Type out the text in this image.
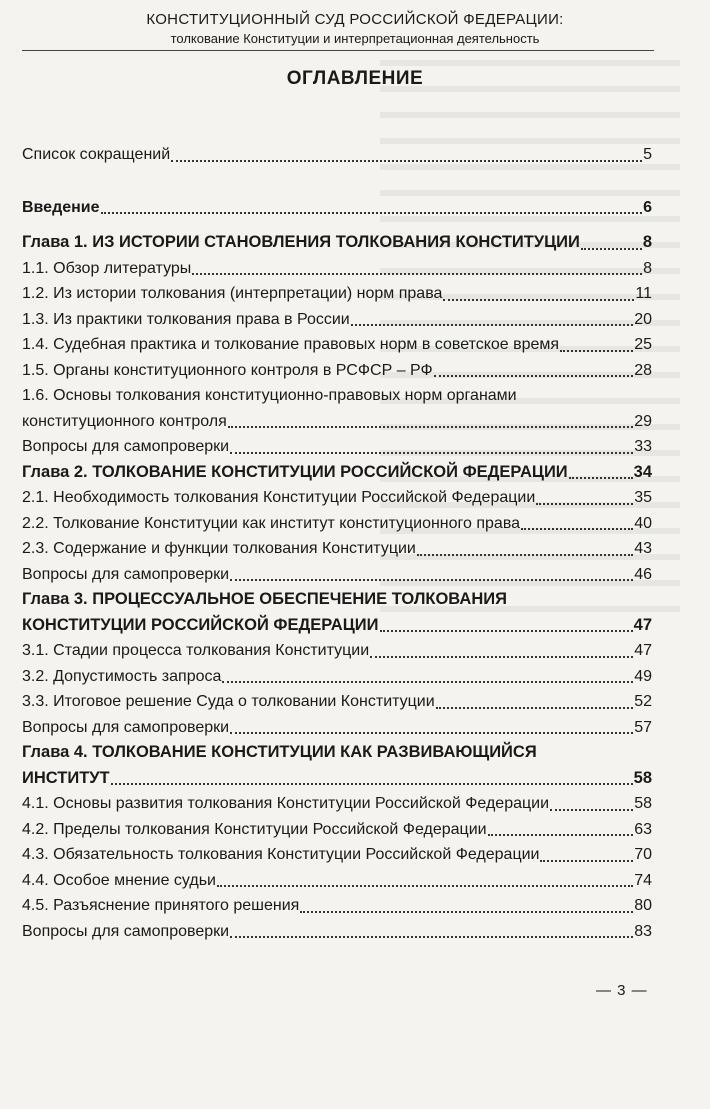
КОНСТИТУЦИОННЫЙ СУД РОССИЙСКОЙ ФЕДЕРАЦИИ:
толкование Конституции и интерпретационная деятельность
ОГЛАВЛЕНИЕ
Список сокращений	5
Введение	6
Глава 1. ИЗ ИСТОРИИ СТАНОВЛЕНИЯ ТОЛКОВАНИЯ КОНСТИТУЦИИ	8
1.1. Обзор литературы	8
1.2. Из истории толкования (интерпретации) норм права	11
1.3. Из практики толкования права в России	20
1.4. Судебная практика и толкование правовых норм в советское время	25
1.5. Органы конституционного контроля в РСФСР – РФ	28
1.6. Основы толкования конституционно-правовых норм органами
конституционного контроля	29
Вопросы для самопроверки	33
Глава 2. ТОЛКОВАНИЕ КОНСТИТУЦИИ РОССИЙСКОЙ ФЕДЕРАЦИИ	34
2.1. Необходимость толкования Конституции Российской Федерации	35
2.2. Толкование Конституции как институт конституционного права	40
2.3. Содержание и функции толкования Конституции	43
Вопросы для самопроверки	46
Глава 3. ПРОЦЕССУАЛЬНОЕ ОБЕСПЕЧЕНИЕ ТОЛКОВАНИЯ
КОНСТИТУЦИИ РОССИЙСКОЙ ФЕДЕРАЦИИ	47
3.1. Стадии процесса толкования Конституции	47
3.2. Допустимость запроса	49
3.3. Итоговое решение Суда о толковании Конституции	52
Вопросы для самопроверки	57
Глава 4. ТОЛКОВАНИЕ КОНСТИТУЦИИ КАК РАЗВИВАЮЩИЙСЯ
ИНСТИТУТ	58
4.1. Основы развития толкования Конституции Российской Федерации	58
4.2. Пределы толкования Конституции Российской Федерации	63
4.3. Обязательность толкования Конституции Российской Федерации	70
4.4. Особое мнение судьи	74
4.5. Разъяснение принятого решения	80
Вопросы для самопроверки	83
— 3 —
